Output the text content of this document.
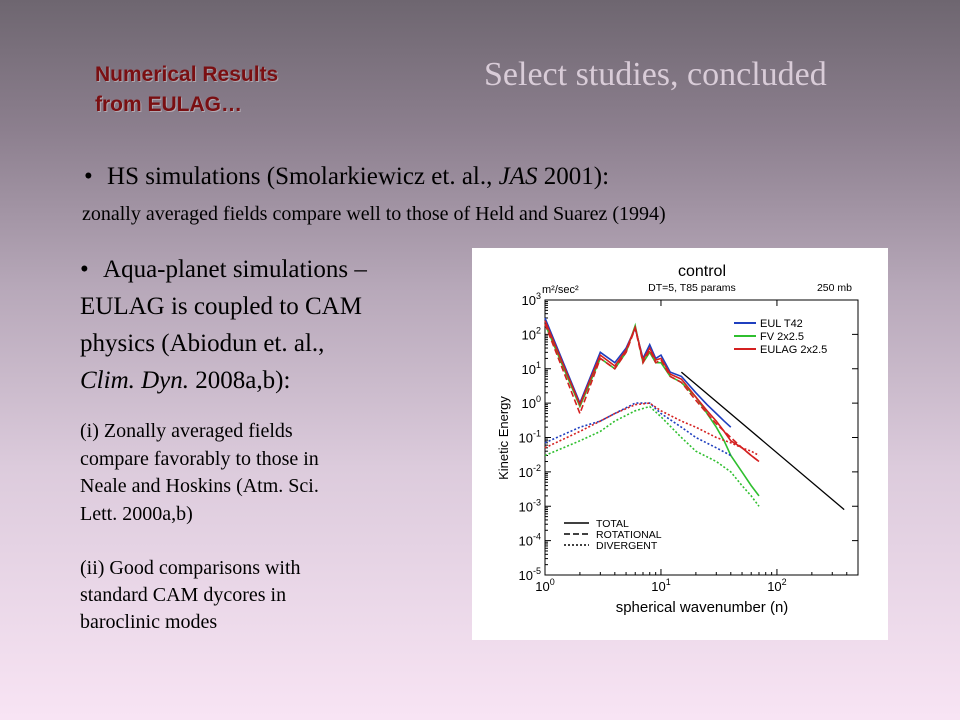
Numerical Results
from EULAG…
Select studies, concluded
• HS simulations (Smolarkiewicz et. al., JAS 2001):
zonally averaged fields compare well to those of Held and Suarez (1994)
• Aqua-planet simulations –
EULAG is coupled to CAM
physics (Abiodun et. al.,
Clim. Dyn. 2008a,b):
(i) Zonally averaged fields
compare favorably to those in
Neale and Hoskins (Atm. Sci.
Lett. 2000a,b)
(ii) Good comparisons with
standard CAM dycores in
baroclinic modes
control
DT=5, T85 params	250 mb
m²/sec²
$10^3$
$10^2$
$10^1$
$10^0$
$10^{-1}$
$10^{-2}$
$10^{-3}$
$10^{-4}$
$10^{-5}$
$10^0$	$10^1$	$10^2$
EUL T42
FV 2x2.5
EULAG 2x2.5
TOTAL
ROTATIONAL
DIVERGENT
spherical wavenumber (n)
Kinetic Energy
